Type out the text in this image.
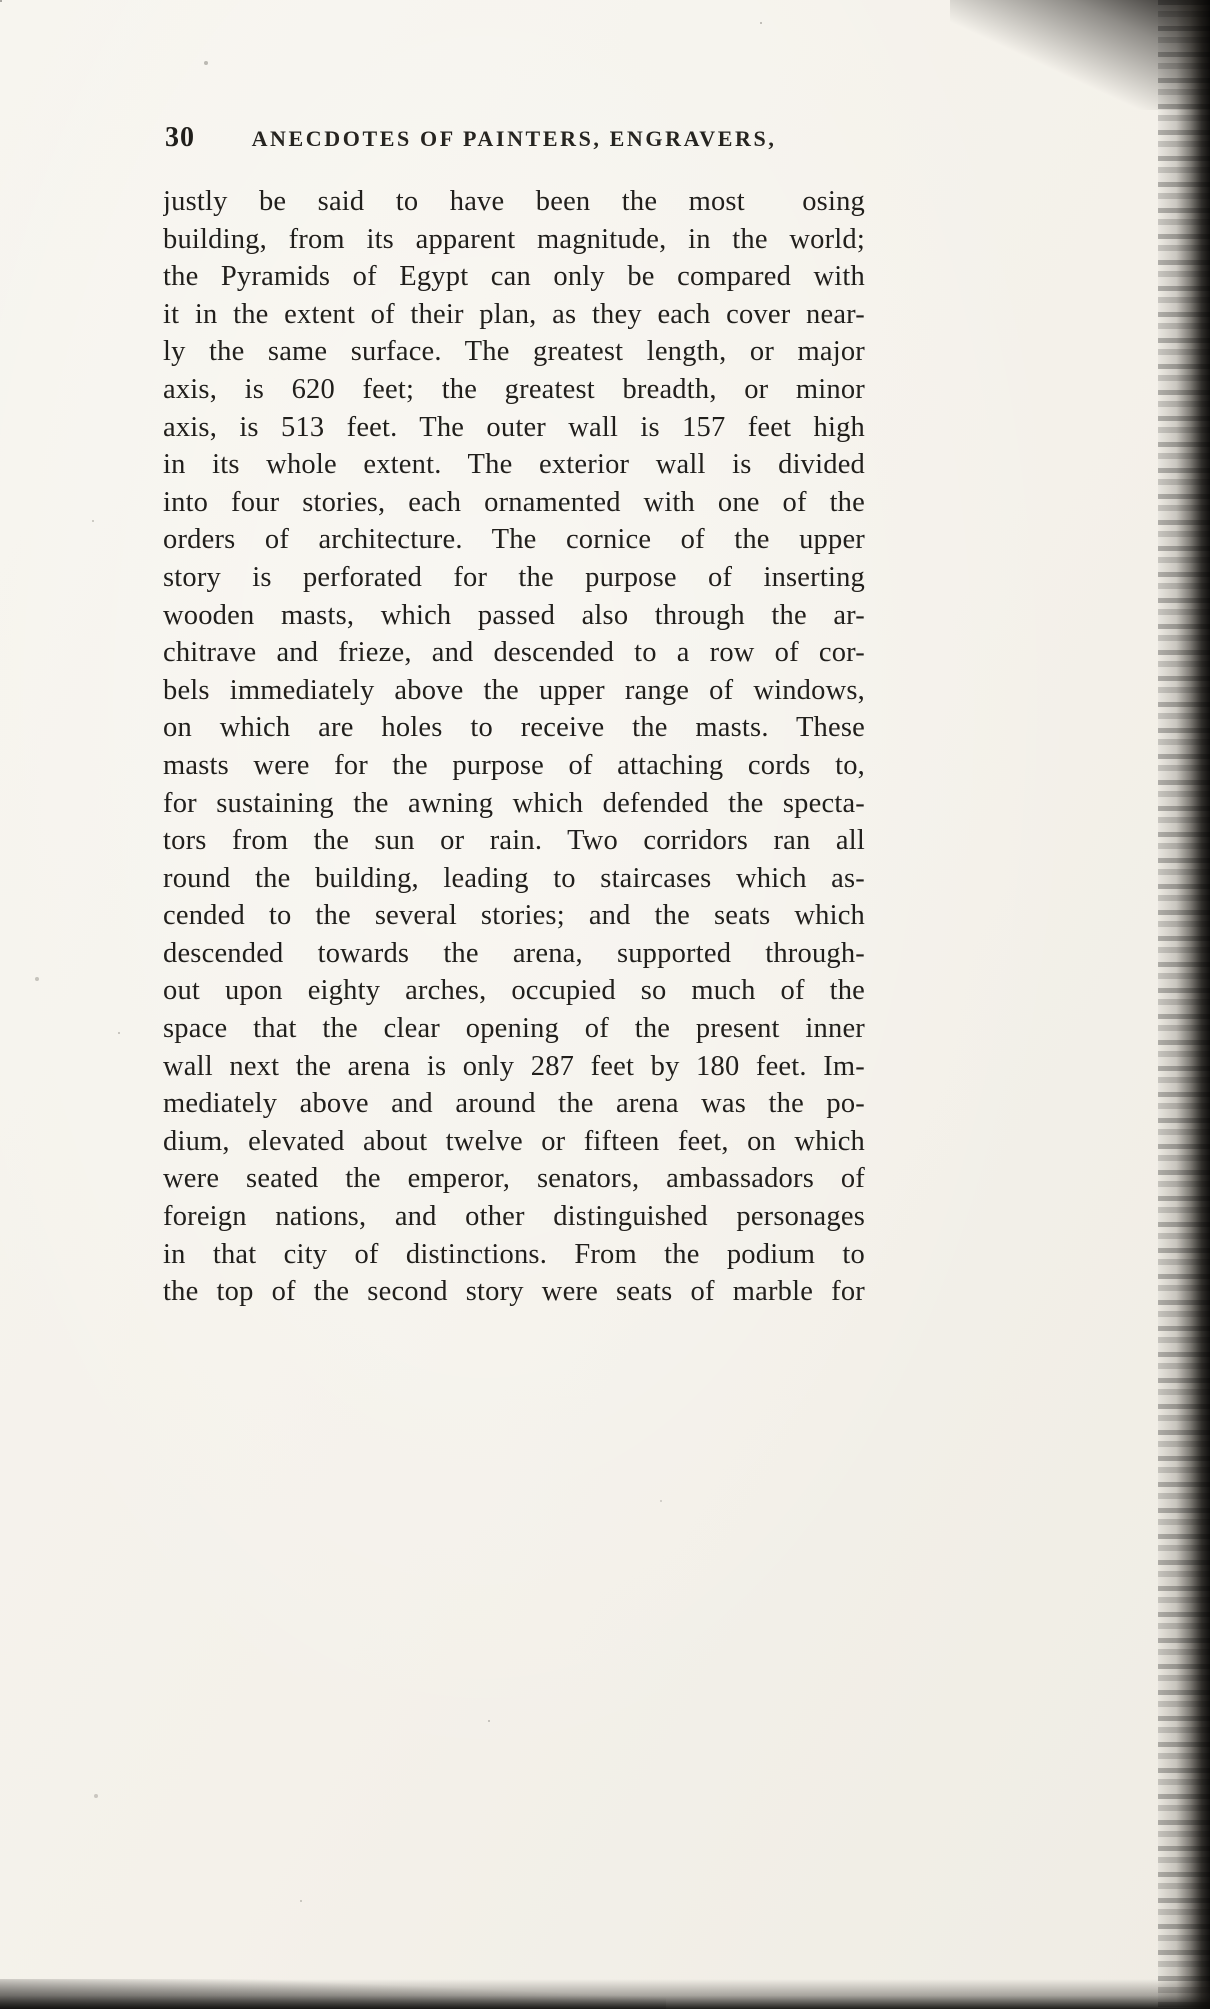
30	ANECDOTES OF PAINTERS, ENGRAVERS,
justly be said to have been the most  osing
building, from its apparent magnitude, in the world;
the Pyramids of Egypt can only be compared with
it in the extent of their plan, as they each cover near-
ly the same surface. The greatest length, or major
axis, is 620 feet; the greatest breadth, or minor
axis, is 513 feet. The outer wall is 157 feet high
in its whole extent. The exterior wall is divided
into four stories, each ornamented with one of the
orders of architecture. The cornice of the upper
story is perforated for the purpose of inserting
wooden masts, which passed also through the ar-
chitrave and frieze, and descended to a row of cor-
bels immediately above the upper range of windows,
on which are holes to receive the masts. These
masts were for the purpose of attaching cords to,
for sustaining the awning which defended the specta-
tors from the sun or rain. Two corridors ran all
round the building, leading to staircases which as-
cended to the several stories; and the seats which
descended towards the arena, supported through-
out upon eighty arches, occupied so much of the
space that the clear opening of the present inner
wall next the arena is only 287 feet by 180 feet. Im-
mediately above and around the arena was the po-
dium, elevated about twelve or fifteen feet, on which
were seated the emperor, senators, ambassadors of
foreign nations, and other distinguished personages
in that city of distinctions. From the podium to
the top of the second story were seats of marble for
